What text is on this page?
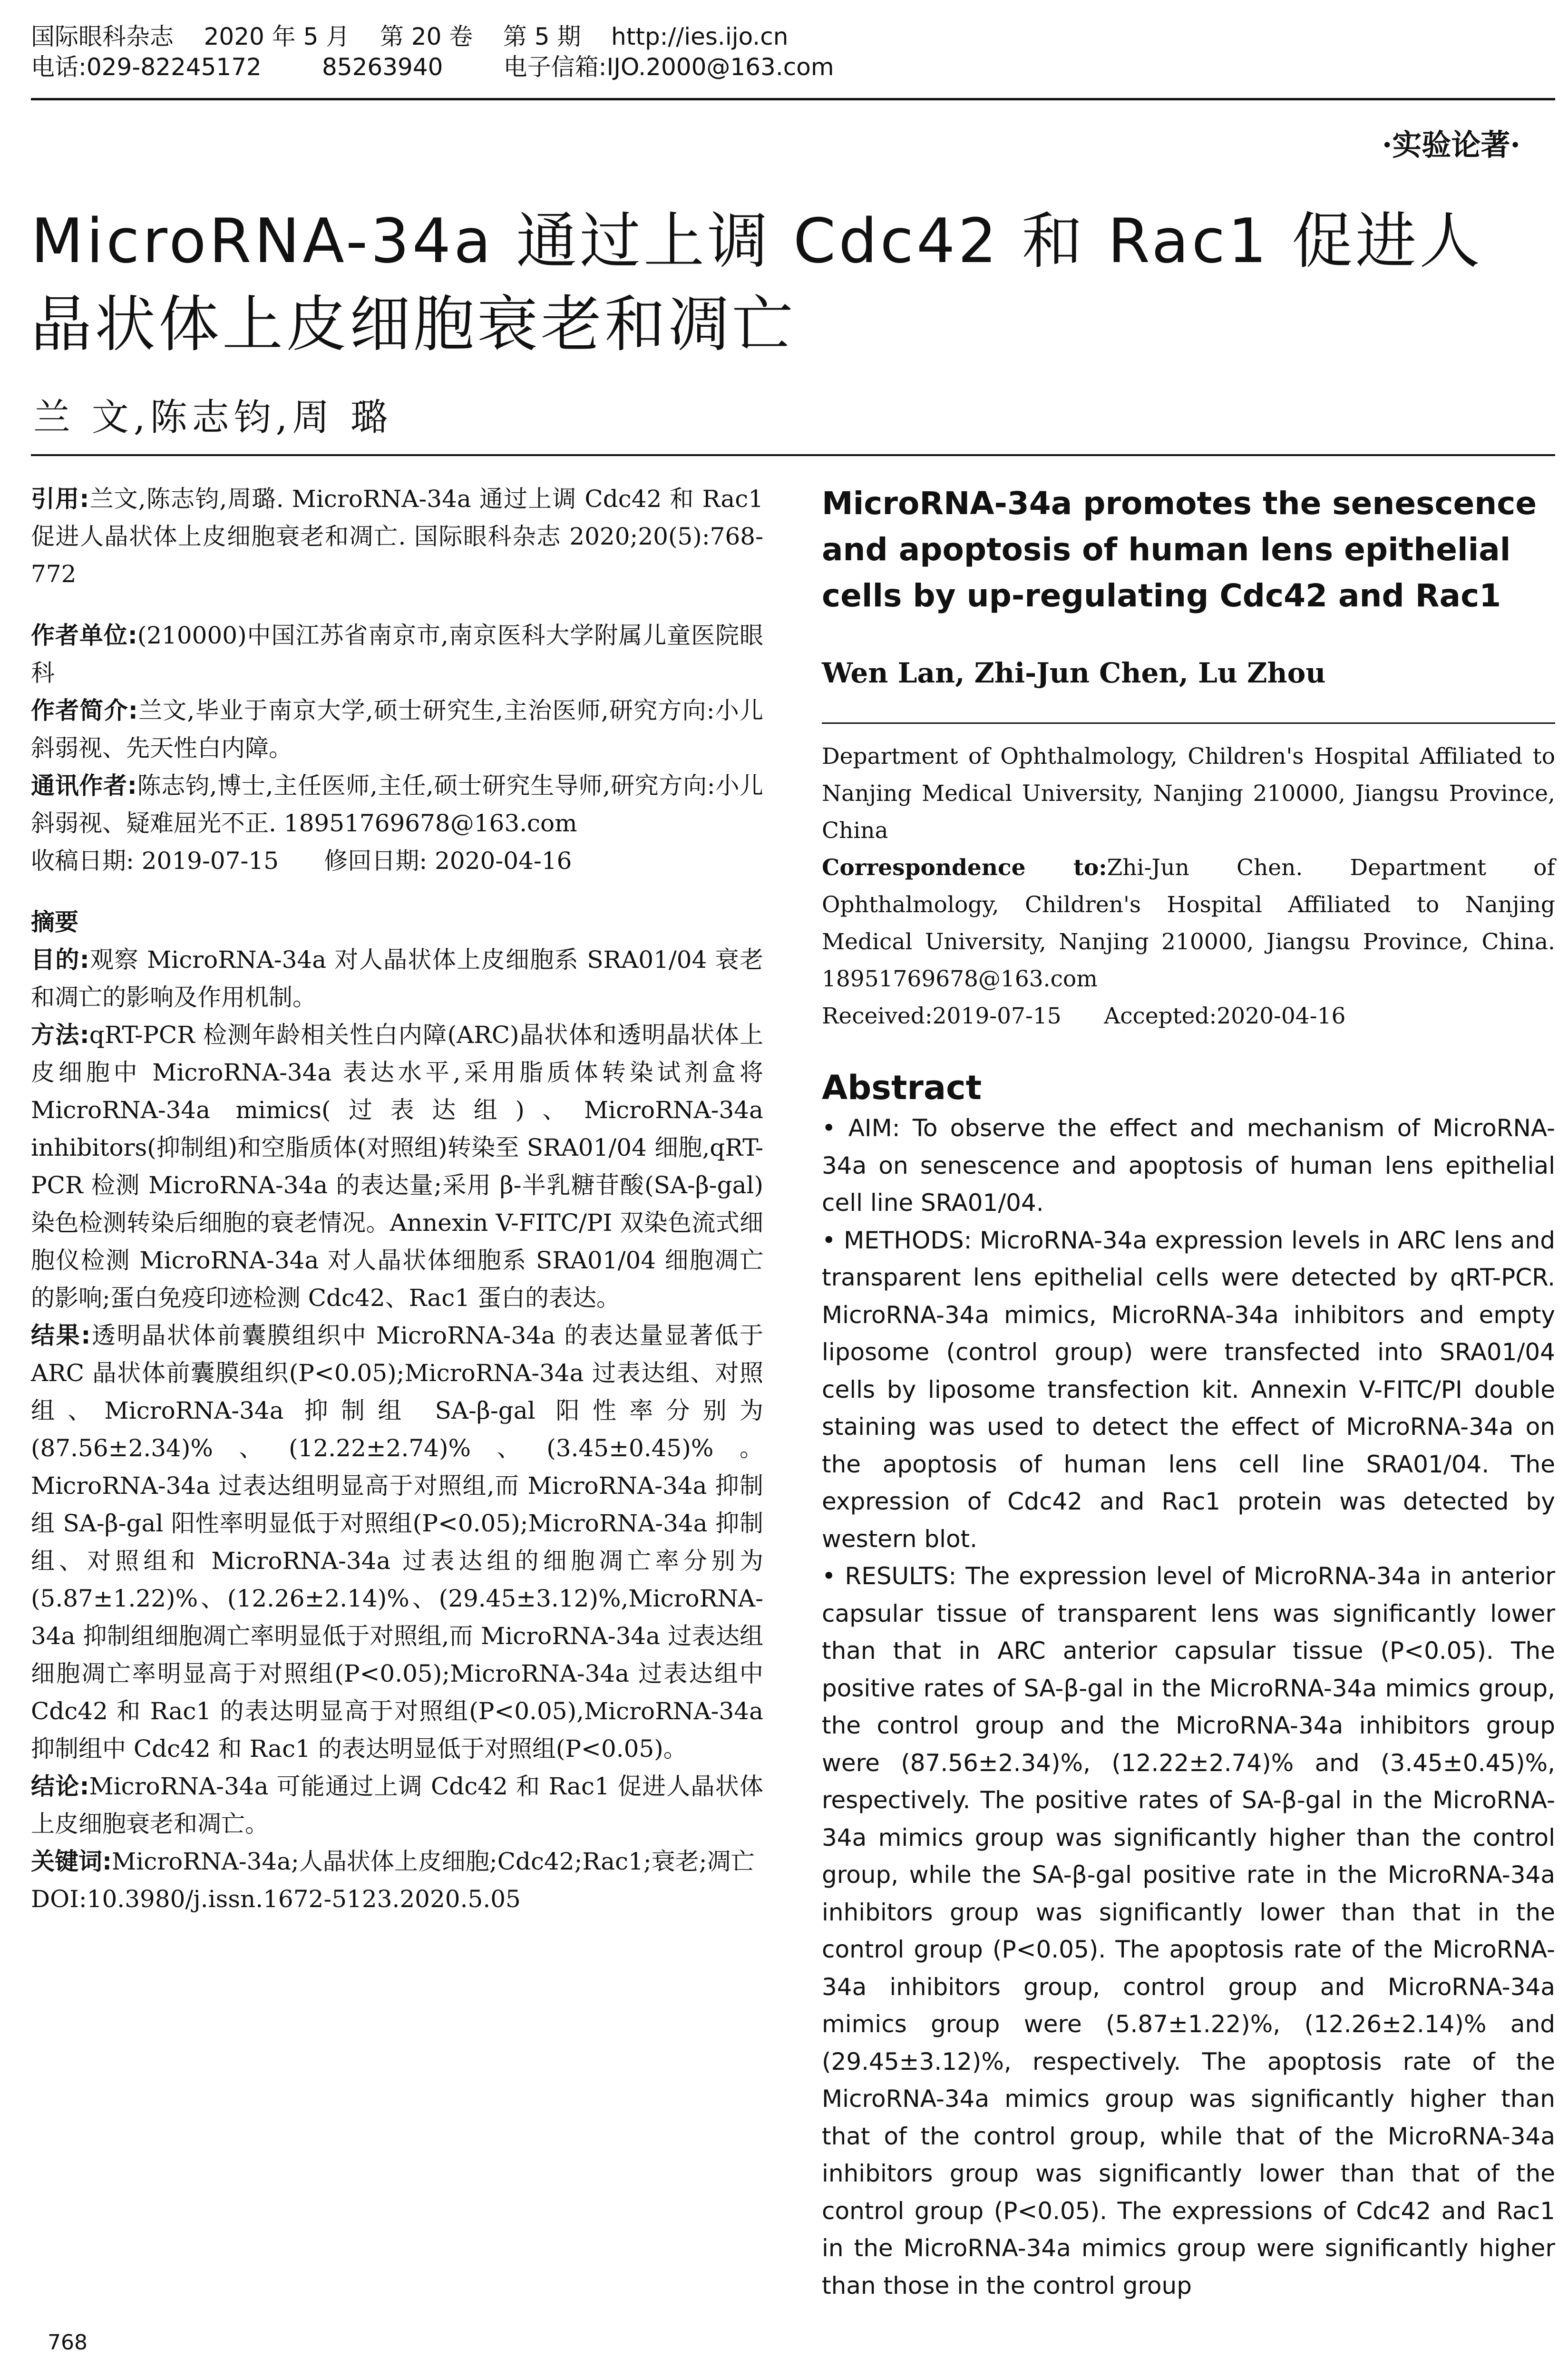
国际眼科杂志    2020 年 5 月    第 20 卷    第 5 期    http://ies.ijo.cn
电话:029-82245172        85263940        电子信箱:IJO.2000@163.com
·实验论著·
MicroRNA-34a 通过上调 Cdc42 和 Rac1 促进人晶状体上皮细胞衰老和凋亡
兰 文,陈志钧,周 璐

引用:兰文,陈志钧,周璐. MicroRNA-34a 通过上调 Cdc42 和 Rac1 促进人晶状体上皮细胞衰老和凋亡. 国际眼科杂志 2020;20(5):768-772

作者单位:(210000)中国江苏省南京市,南京医科大学附属儿童医院眼科

作者简介:兰文,毕业于南京大学,硕士研究生,主治医师,研究方向:小儿斜弱视、先天性白内障。

通讯作者:陈志钧,博士,主任医师,主任,硕士研究生导师,研究方向:小儿斜弱视、疑难屈光不正. 18951769678@163.com

收稿日期: 2019-07-15      修回日期: 2020-04-16

摘要

目的:观察 MicroRNA-34a 对人晶状体上皮细胞系 SRA01/04 衰老和凋亡的影响及作用机制。

方法:qRT-PCR 检测年龄相关性白内障(ARC)晶状体和透明晶状体上皮细胞中 MicroRNA-34a 表达水平,采用脂质体转染试剂盒将 MicroRNA-34a mimics(过表达组)、MicroRNA-34a inhibitors(抑制组)和空脂质体(对照组)转染至 SRA01/04 细胞,qRT-PCR 检测 MicroRNA-34a 的表达量;采用 β-半乳糖苷酸(SA-β-gal)染色检测转染后细胞的衰老情况。Annexin V-FITC/PI 双染色流式细胞仪检测 MicroRNA-34a 对人晶状体细胞系 SRA01/04 细胞凋亡的影响;蛋白免疫印迹检测 Cdc42、Rac1 蛋白的表达。

结果:透明晶状体前囊膜组织中 MicroRNA-34a 的表达量显著低于 ARC 晶状体前囊膜组织(P<0.05);MicroRNA-34a 过表达组、对照组、MicroRNA-34a 抑制组 SA-β-gal 阳性率分别为(87.56±2.34)%、(12.22±2.74)%、(3.45±0.45)%。MicroRNA-34a 过表达组明显高于对照组,而 MicroRNA-34a 抑制组 SA-β-gal 阳性率明显低于对照组(P<0.05);MicroRNA-34a 抑制组、对照组和 MicroRNA-34a 过表达组的细胞凋亡率分别为(5.87±1.22)%、(12.26±2.14)%、(29.45±3.12)%,MicroRNA-34a 抑制组细胞凋亡率明显低于对照组,而 MicroRNA-34a 过表达组细胞凋亡率明显高于对照组(P<0.05);MicroRNA-34a 过表达组中 Cdc42 和 Rac1 的表达明显高于对照组(P<0.05),MicroRNA-34a 抑制组中 Cdc42 和 Rac1 的表达明显低于对照组(P<0.05)。

结论:MicroRNA-34a 可能通过上调 Cdc42 和 Rac1 促进人晶状体上皮细胞衰老和凋亡。

关键词:MicroRNA-34a;人晶状体上皮细胞;Cdc42;Rac1;衰老;凋亡

DOI:10.3980/j.issn.1672-5123.2020.5.05

MicroRNA-34a promotes the senescence and apoptosis of human lens epithelial cells by up-regulating Cdc42 and Rac1

Wen Lan, Zhi-Jun Chen, Lu Zhou

Department of Ophthalmology, Children's Hospital Affiliated to Nanjing Medical University, Nanjing 210000, Jiangsu Province, China

Correspondence to:Zhi-Jun Chen. Department of Ophthalmology, Children's Hospital Affiliated to Nanjing Medical University, Nanjing 210000, Jiangsu Province, China. 18951769678@163.com

Received:2019-07-15      Accepted:2020-04-16

Abstract

• AIM: To observe the effect and mechanism of MicroRNA-34a on senescence and apoptosis of human lens epithelial cell line SRA01/04.

• METHODS: MicroRNA-34a expression levels in ARC lens and transparent lens epithelial cells were detected by qRT-PCR. MicroRNA-34a mimics, MicroRNA-34a inhibitors and empty liposome (control group) were transfected into SRA01/04 cells by liposome transfection kit. Annexin V-FITC/PI double staining was used to detect the effect of MicroRNA-34a on the apoptosis of human lens cell line SRA01/04. The expression of Cdc42 and Rac1 protein was detected by western blot.

• RESULTS: The expression level of MicroRNA-34a in anterior capsular tissue of transparent lens was significantly lower than that in ARC anterior capsular tissue (P<0.05). The positive rates of SA-β-gal in the MicroRNA-34a mimics group, the control group and the MicroRNA-34a inhibitors group were (87.56±2.34)%, (12.22±2.74)% and (3.45±0.45)%, respectively. The positive rates of SA-β-gal in the MicroRNA-34a mimics group was significantly higher than the control group, while the SA-β-gal positive rate in the MicroRNA-34a inhibitors group was significantly lower than that in the control group (P<0.05). The apoptosis rate of the MicroRNA-34a inhibitors group, control group and MicroRNA-34a mimics group were (5.87±1.22)%, (12.26±2.14)% and (29.45±3.12)%, respectively. The apoptosis rate of the MicroRNA-34a mimics group was significantly higher than that of the control group, while that of the MicroRNA-34a inhibitors group was significantly lower than that of the control group (P<0.05). The expressions of Cdc42 and Rac1 in the MicroRNA-34a mimics group were significantly higher than those in the control group

768
